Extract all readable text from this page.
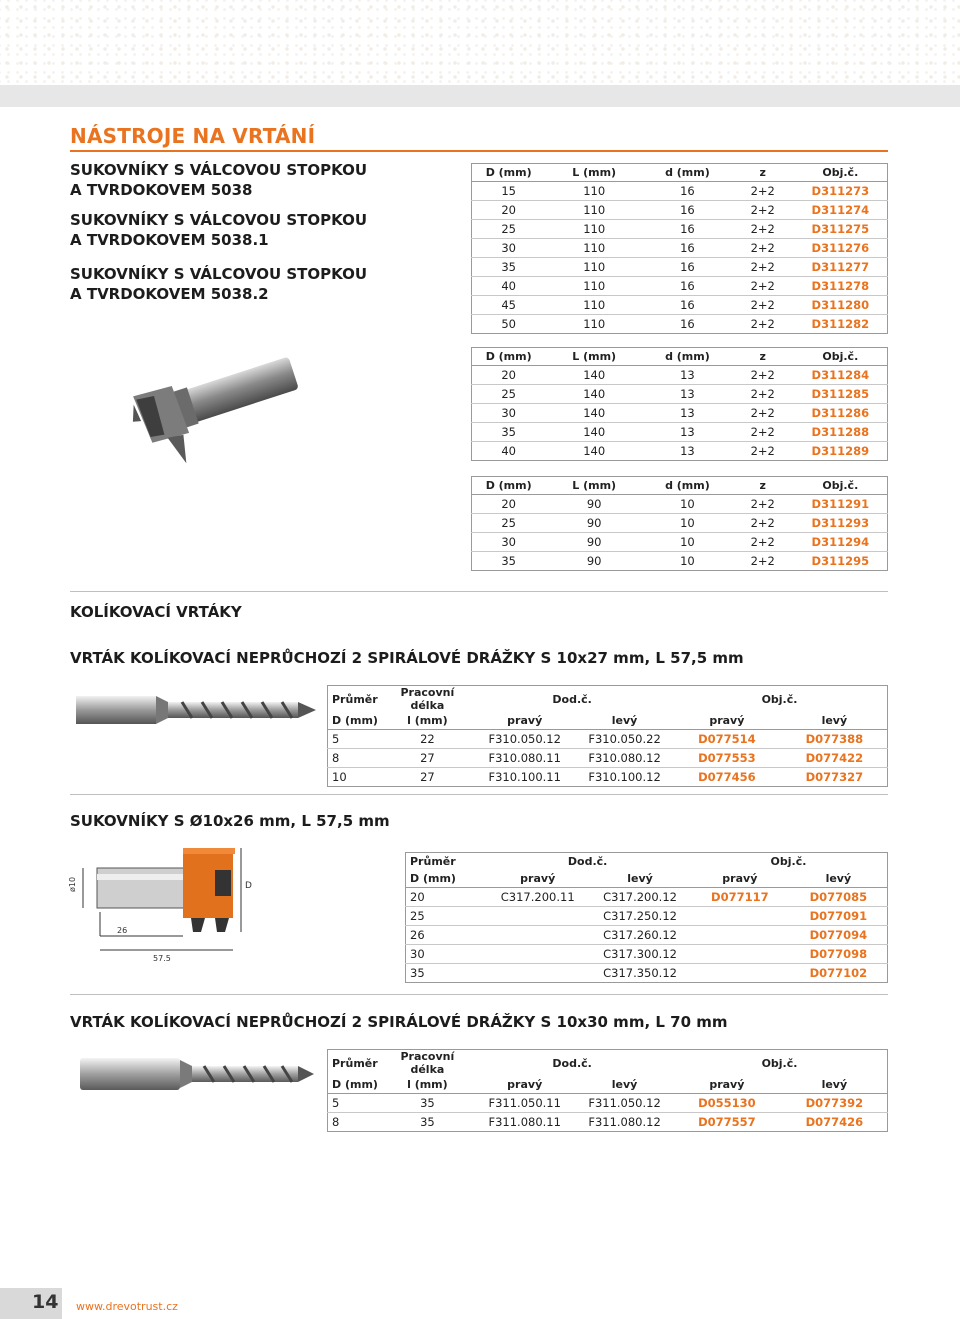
NÁSTROJE NA VRTÁNÍ
SUKOVNÍKY S VÁLCOVOU STOPKOU
A TVRDOKOVEM 5038
SUKOVNÍKY S VÁLCOVOU STOPKOU
A TVRDOKOVEM 5038.1
SUKOVNÍKY S VÁLCOVOU STOPKOU
A TVRDOKOVEM 5038.2
D (mm)	L (mm)	d (mm)	z	Obj.č.
15	110	16	2+2	D311273
20	110	16	2+2	D311274
25	110	16	2+2	D311275
30	110	16	2+2	D311276
35	110	16	2+2	D311277
40	110	16	2+2	D311278
45	110	16	2+2	D311280
50	110	16	2+2	D311282
D (mm)	L (mm)	d (mm)	z	Obj.č.
20	140	13	2+2	D311284
25	140	13	2+2	D311285
30	140	13	2+2	D311286
35	140	13	2+2	D311288
40	140	13	2+2	D311289
D (mm)	L (mm)	d (mm)	z	Obj.č.
20	90	10	2+2	D311291
25	90	10	2+2	D311293
30	90	10	2+2	D311294
35	90	10	2+2	D311295
KOLÍKOVACÍ VRTÁKY
VRTÁK KOLÍKOVACÍ NEPRŮCHOZÍ 2 SPIRÁLOVÉ DRÁŽKY S 10x27 mm, L 57,5 mm
Průměr	Pracovní délka	Dod.č.		Obj.č.	
D (mm)	l (mm)	pravý	levý	pravý	levý
5	22	F310.050.12	F310.050.22	D077514	D077388
8	27	F310.080.11	F310.080.12	D077553	D077422
10	27	F310.100.11	F310.100.12	D077456	D077327
SUKOVNÍKY S Ø10x26 mm, L 57,5 mm
ø10
26
57.5
D
Průměr	Dod.č.		Obj.č.	
D (mm)	pravý	levý	pravý	levý
20	C317.200.11	C317.200.12	D077117	D077085
25		C317.250.12		D077091
26		C317.260.12		D077094
30		C317.300.12		D077098
35		C317.350.12		D077102
VRTÁK KOLÍKOVACÍ NEPRŮCHOZÍ 2 SPIRÁLOVÉ DRÁŽKY S 10x30 mm, L 70 mm
Průměr	Pracovní délka	Dod.č.		Obj.č.	
D (mm)	l (mm)	pravý	levý	pravý	levý
5	35	F311.050.11	F311.050.12	D055130	D077392
8	35	F311.080.11	F311.080.12	D077557	D077426
14 www.drevotrust.cz
